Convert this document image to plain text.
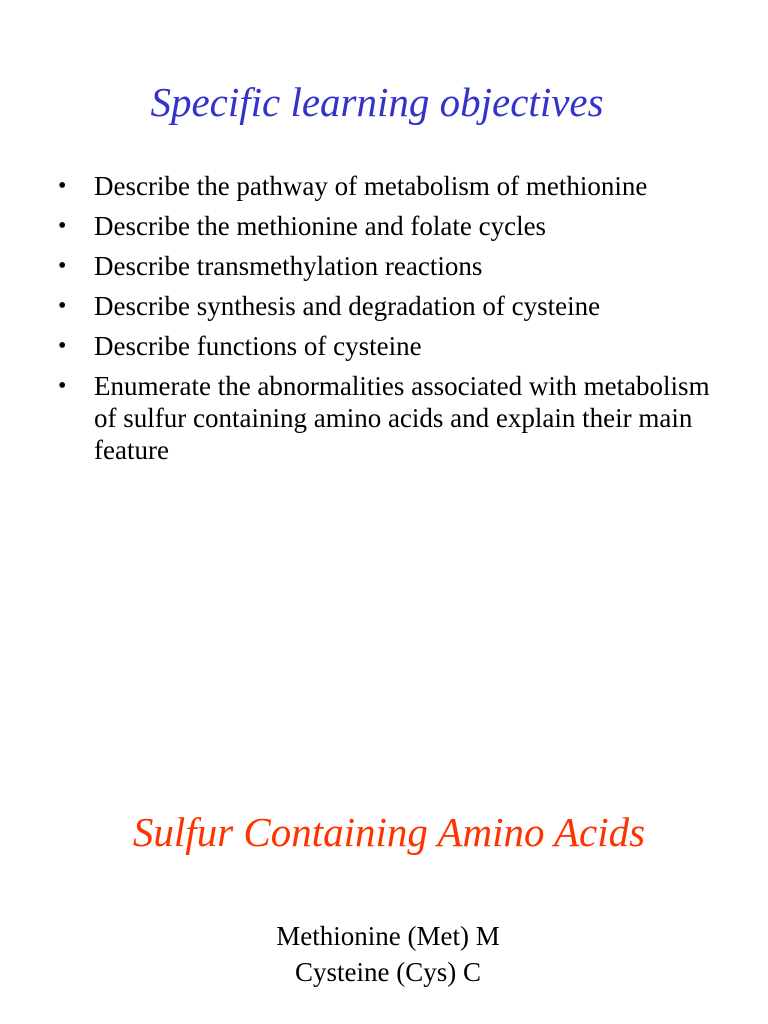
Specific learning objectives
• Describe the pathway of metabolism of methionine
• Describe the methionine and folate cycles
• Describe transmethylation reactions
• Describe synthesis and degradation of cysteine
• Describe functions of cysteine
• Enumerate the abnormalities associated with metabolism of sulfur containing amino acids and explain their main feature
Sulfur Containing Amino Acids
Methionine (Met) M
Cysteine (Cys) C
